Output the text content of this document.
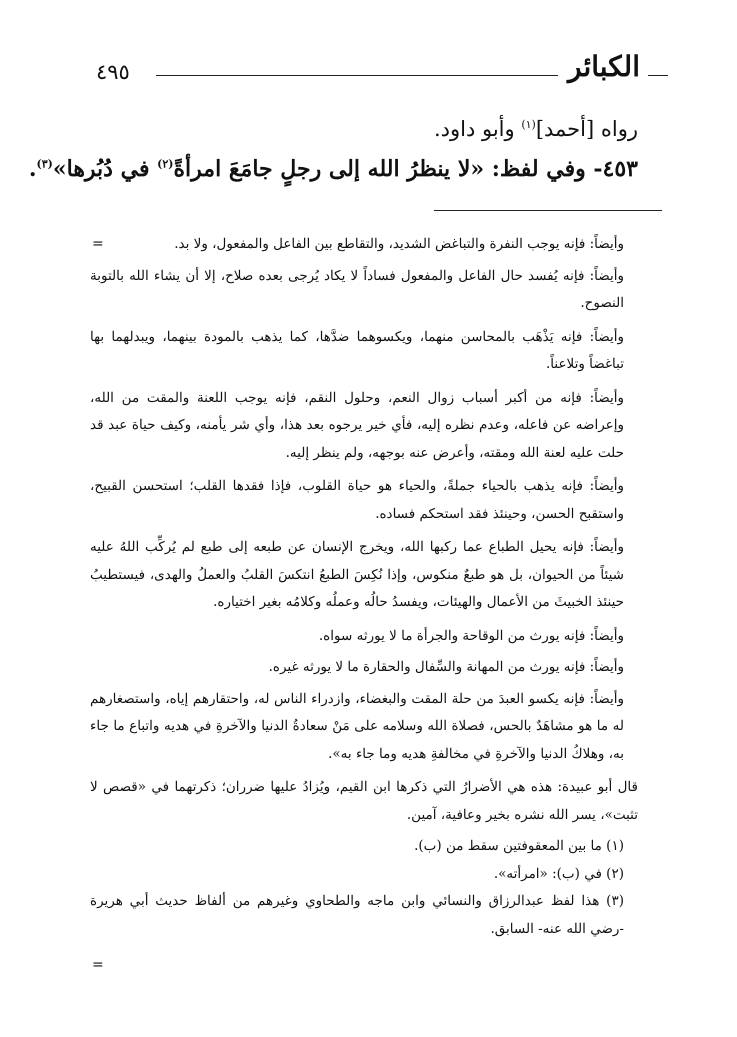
٤٩٥	الكبائر
رواه [أحمد]$^{(١)}$ وأبو داود.
٤٥٣- وفي لفظ: «لا ينظرُ الله إلى رجلٍ جامَعَ امرأةً$^{(٢)}$ في دُبُرها»$^{(٣)}$.
=	وأيضاً: فإنه يوجب النفرة والتباغض الشديد، والتقاطع بين الفاعل والمفعول، ولا بد.

وأيضاً: فإنه يُفسد حال الفاعل والمفعول فساداً لا يكاد يُرجى بعده صلاح، إلا أن يشاء الله بالتوبة النصوح.

وأيضاً: فإنه يَذْهَب بالمحاسن منهما، ويكسوهما ضدَّها، كما يذهب بالمودة بينهما، ويبدلهما بها تباغضاً وتلاعناً.

وأيضاً: فإنه من أكبر أسباب زوال النعم، وحلول النقم، فإنه يوجب اللعنة والمقت من الله، وإعراضه عن فاعله، وعدم نظره إليه، فأي خير يرجوه بعد هذا، وأي شر يأمنه، وكيف حياة عبد قد حلت عليه لعنة الله ومقته، وأعرض عنه بوجهه، ولم ينظر إليه.

وأيضاً: فإنه يذهب بالحياء جملةً، والحياء هو حياة القلوب، فإذا فقدها القلب؛ استحسن القبيح، واستقبح الحسن، وحينئذ فقد استحكم فساده.

وأيضاً: فإنه يحيل الطباع عما ركبها الله، ويخرج الإنسان عن طبعه إلى طبع لم يُركِّب اللهُ عليه شيئاً من الحيوان، بل هو طبعٌ منكوس، وإذا نُكِسَ الطبعُ انتكسَ القلبُ والعملُ والهدى، فيستطيبُ حينئذ الخبيثَ من الأعمال والهيئات، ويفسدُ حالُه وعملُه وكلامُه بغير اختياره.

وأيضاً: فإنه يورث من الوقاحة والجرأة ما لا يورثه سواه.

وأيضاً: فإنه يورث من المهانة والسِّفال والحقارة ما لا يورثه غيره.

وأيضاً: فإنه يكسو العبدَ من حلة المقت والبغضاء، وازدراء الناس له، واحتقارهم إياه، واستصغارهم له ما هو مشاهَدٌ بالحس، فصلاة الله وسلامه على مَنْ سعادةُ الدنيا والآخرةِ في هديه واتباع ما جاء به، وهلاكُ الدنيا والآخرةِ في مخالفةِ هديه وما جاء به».

قال أبو عبيدة: هذه هي الأضرارُ التي ذكرها ابن القيم، ويُزادُ عليها ضرران؛ ذكرتهما في «قصص لا تثبت»، يسر الله نشره بخير وعافية، آمين.

(١) ما بين المعقوفتين سقط من (ب).

(٢) في (ب): «امرأته».

(٣) هذا لفظ عبدالرزاق والنسائي وابن ماجه والطحاوي وغيرهم من ألفاظ حديث أبي هريرة -رضي الله عنه- السابق.

=
